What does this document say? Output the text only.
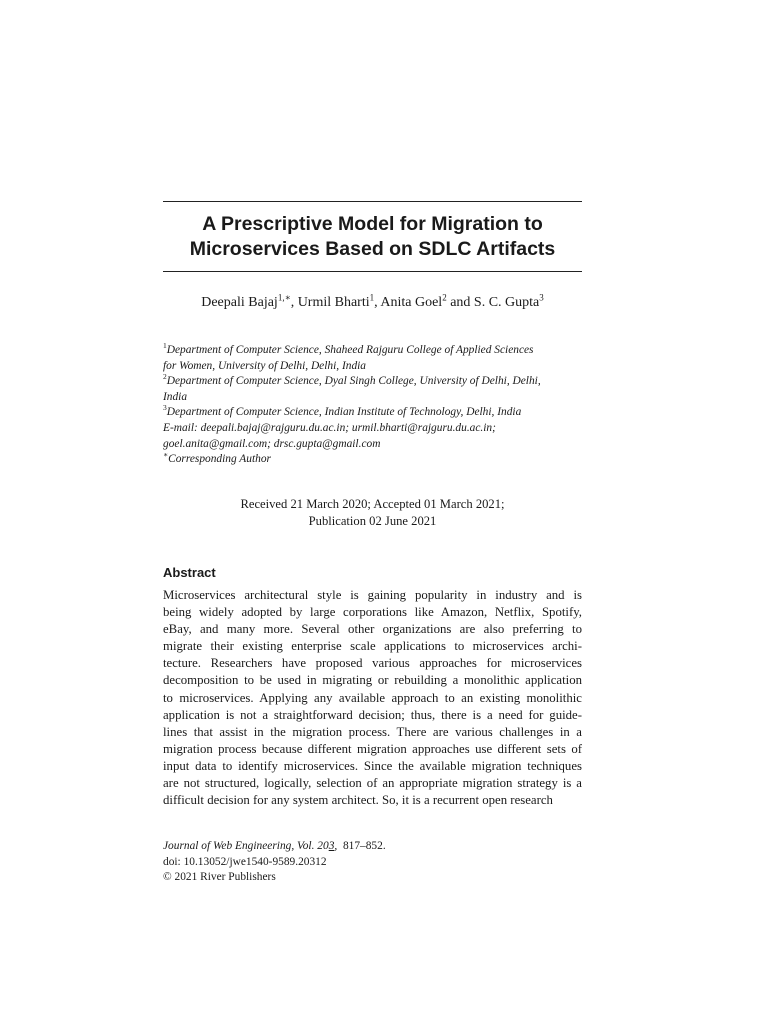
A Prescriptive Model for Migration to
Microservices Based on SDLC Artifacts
Deepali Bajaj$^{1,∗}$, Urmil Bharti$^1$, Anita Goel$^2$ and S. C. Gupta$^3$
$^1$Department of Computer Science, Shaheed Rajguru College of Applied Sciences
for Women, University of Delhi, Delhi, India
$^2$Department of Computer Science, Dyal Singh College, University of Delhi, Delhi,
India
$^3$Department of Computer Science, Indian Institute of Technology, Delhi, India
E-mail: deepali.bajaj@rajguru.du.ac.in; urmil.bharti@rajguru.du.ac.in;
goel.anita@gmail.com; drsc.gupta@gmail.com
∗Corresponding Author
Received 21 March 2020; Accepted 01 March 2021;
Publication 02 June 2021
Abstract
Microservices architectural style is gaining popularity in industry and is
being widely adopted by large corporations like Amazon, Netflix, Spotify,
eBay, and many more. Several other organizations are also preferring to
migrate their existing enterprise scale applications to microservices archi-
tecture. Researchers have proposed various approaches for microservices
decomposition to be used in migrating or rebuilding a monolithic application
to microservices. Applying any available approach to an existing monolithic
application is not a straightforward decision; thus, there is a need for guide-
lines that assist in the migration process. There are various challenges in a
migration process because different migration approaches use different sets of
input data to identify microservices. Since the available migration techniques
are not structured, logically, selection of an appropriate migration strategy is a
difficult decision for any system architect. So, it is a recurrent open research
Journal of Web Engineering, Vol. 203, 817–852.
doi: 10.13052/jwe1540-9589.20312
© 2021 River Publishers
